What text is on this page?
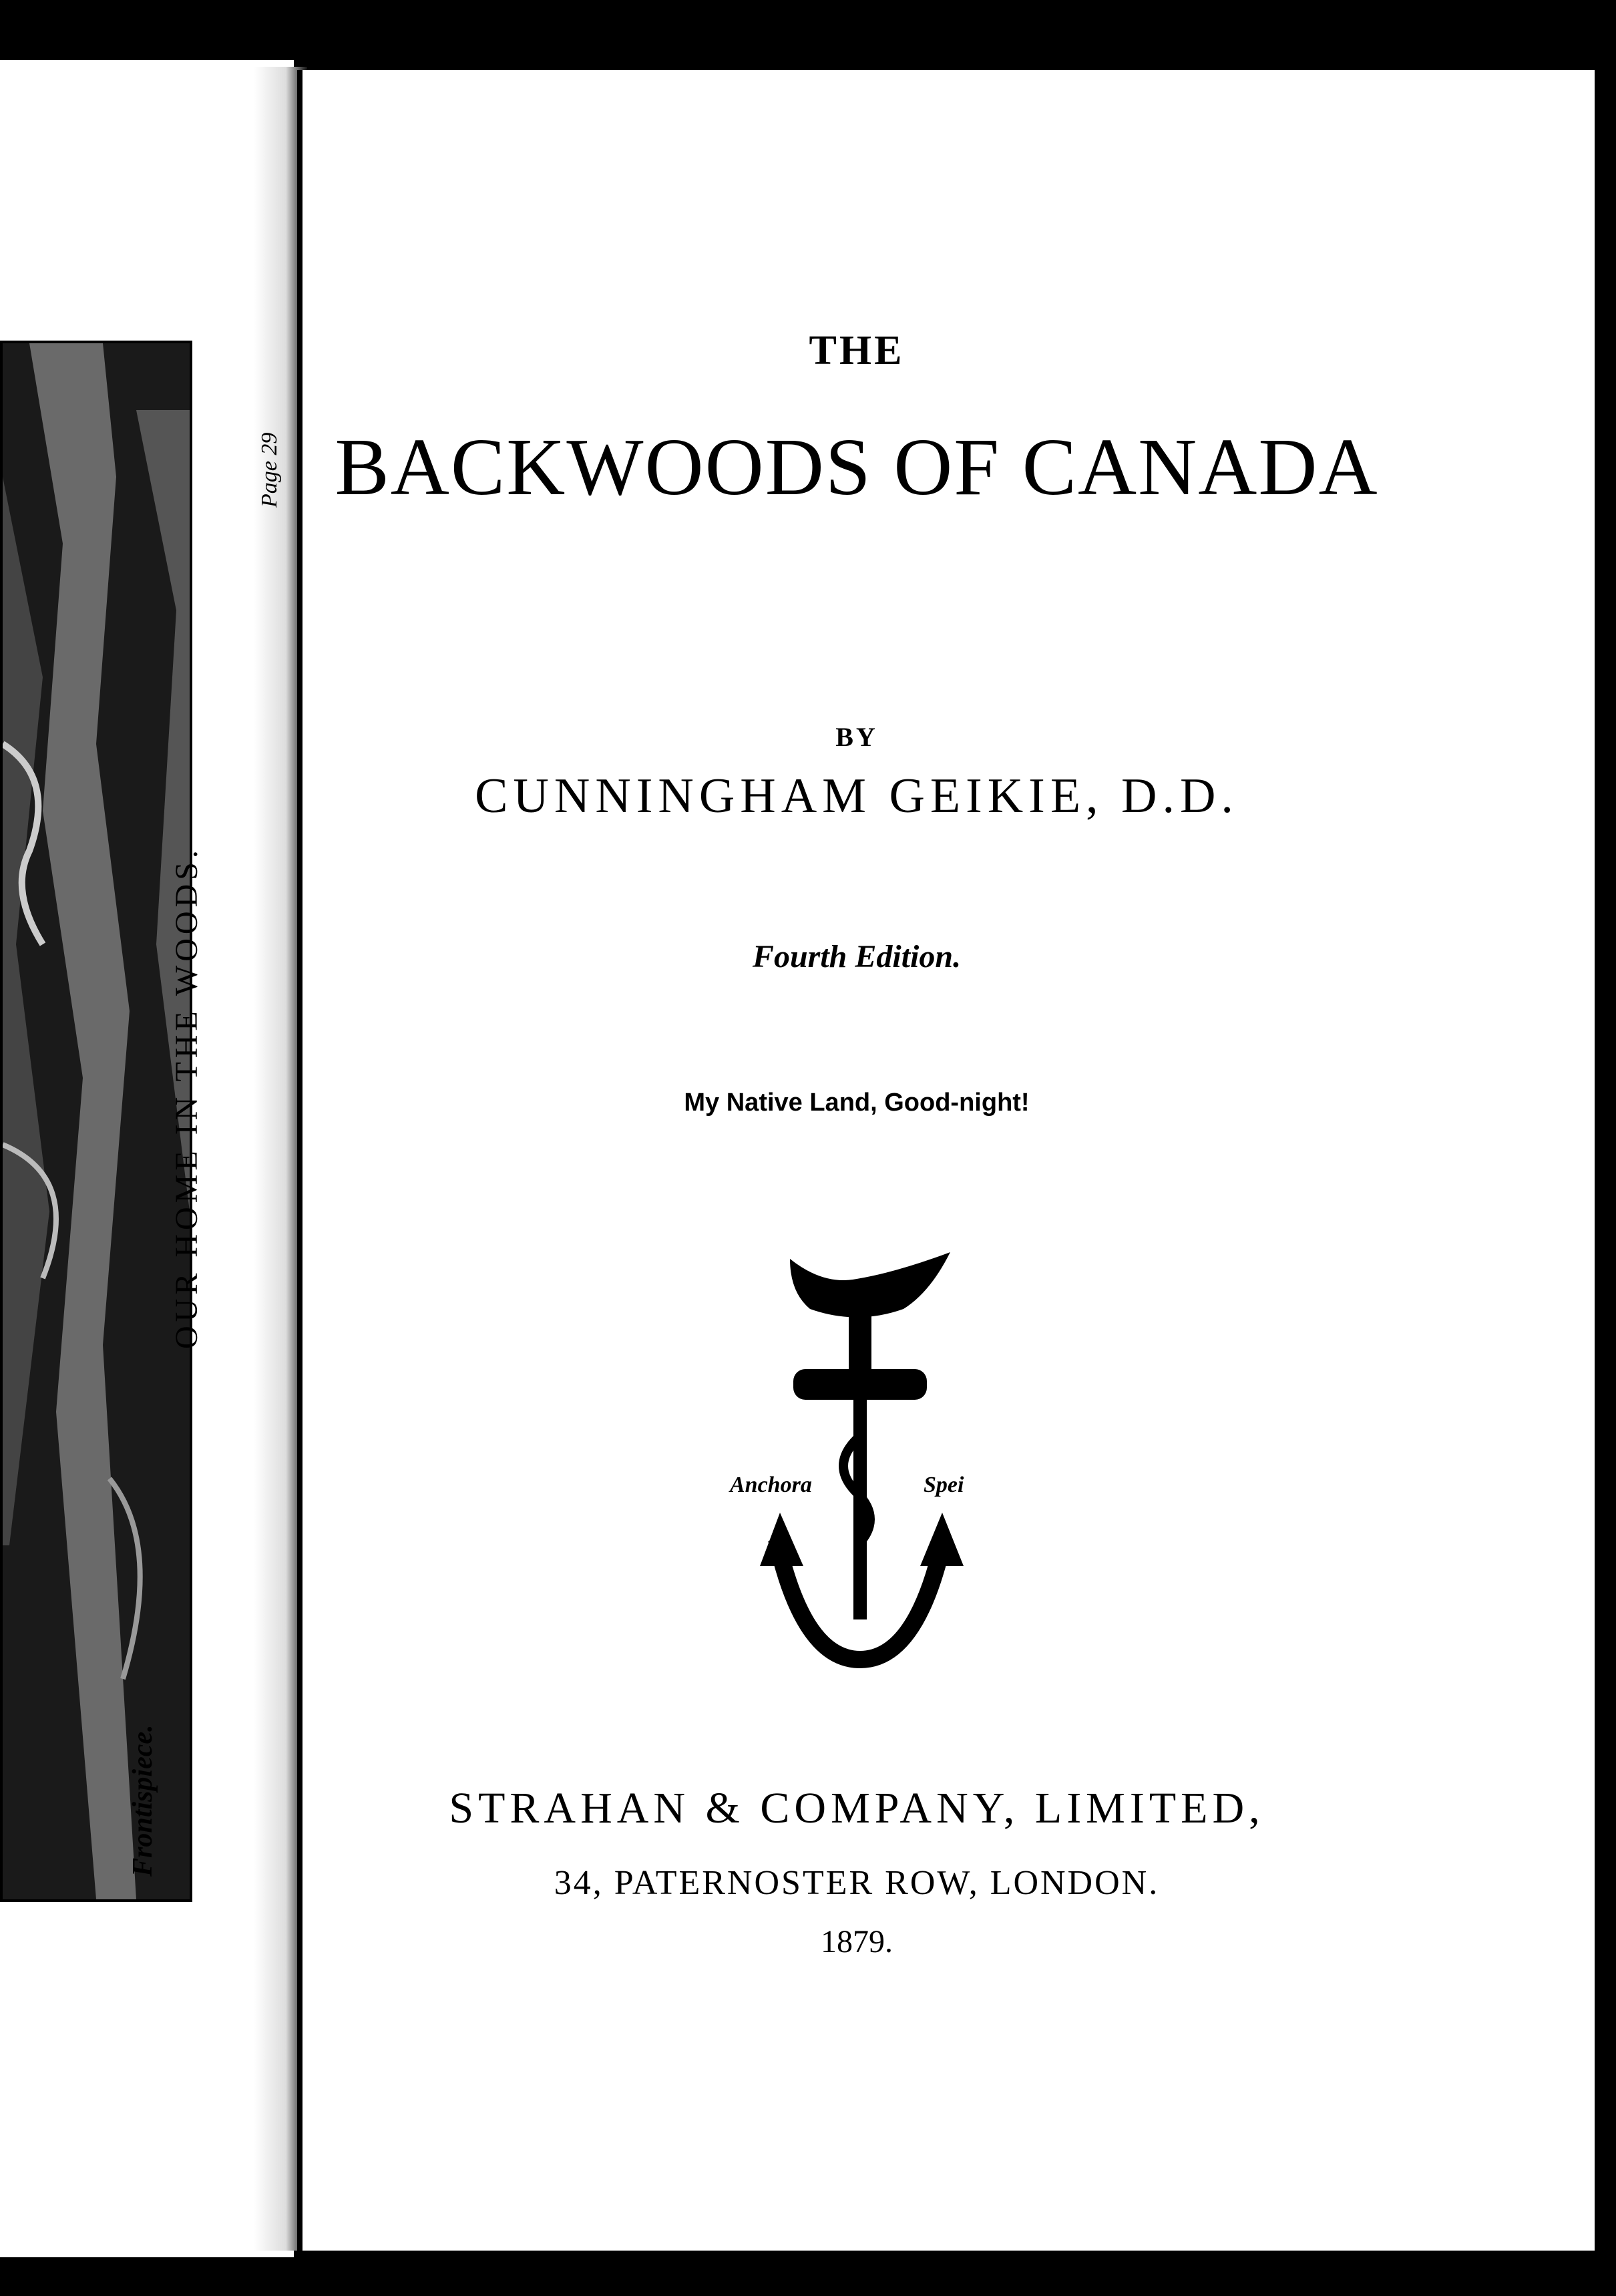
OUR HOME IN THE WOODS.
Frontispiece.
Page 29
THE
BACKWOODS OF CANADA
BY
CUNNINGHAM GEIKIE, D.D.
Fourth Edition.
My Native Land, Good-night!
Anchora	Spei
STRAHAN & COMPANY, LIMITED,
34, PATERNOSTER ROW, LONDON.
1879.
